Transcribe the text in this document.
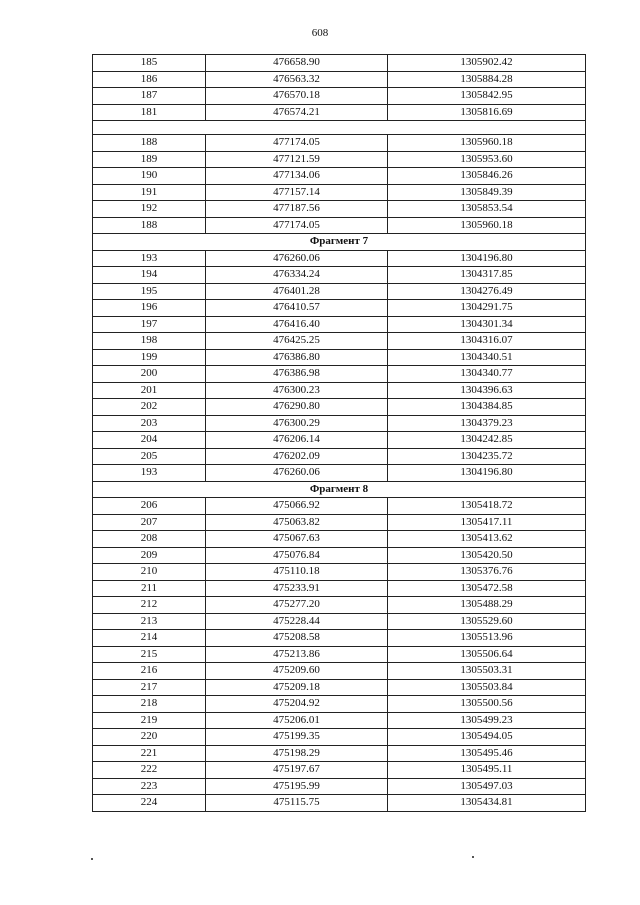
608
185	476658.90	1305902.42
186	476563.32	1305884.28
187	476570.18	1305842.95
181	476574.21	1305816.69

188	477174.05	1305960.18
189	477121.59	1305953.60
190	477134.06	1305846.26
191	477157.14	1305849.39
192	477187.56	1305853.54
188	477174.05	1305960.18
Фрагмент 7		
193	476260.06	1304196.80
194	476334.24	1304317.85
195	476401.28	1304276.49
196	476410.57	1304291.75
197	476416.40	1304301.34
198	476425.25	1304316.07
199	476386.80	1304340.51
200	476386.98	1304340.77
201	476300.23	1304396.63
202	476290.80	1304384.85
203	476300.29	1304379.23
204	476206.14	1304242.85
205	476202.09	1304235.72
193	476260.06	1304196.80
Фрагмент 8		
206	475066.92	1305418.72
207	475063.82	1305417.11
208	475067.63	1305413.62
209	475076.84	1305420.50
210	475110.18	1305376.76
211	475233.91	1305472.58
212	475277.20	1305488.29
213	475228.44	1305529.60
214	475208.58	1305513.96
215	475213.86	1305506.64
216	475209.60	1305503.31
217	475209.18	1305503.84
218	475204.92	1305500.56
219	475206.01	1305499.23
220	475199.35	1305494.05
221	475198.29	1305495.46
222	475197.67	1305495.11
223	475195.99	1305497.03
224	475115.75	1305434.81
